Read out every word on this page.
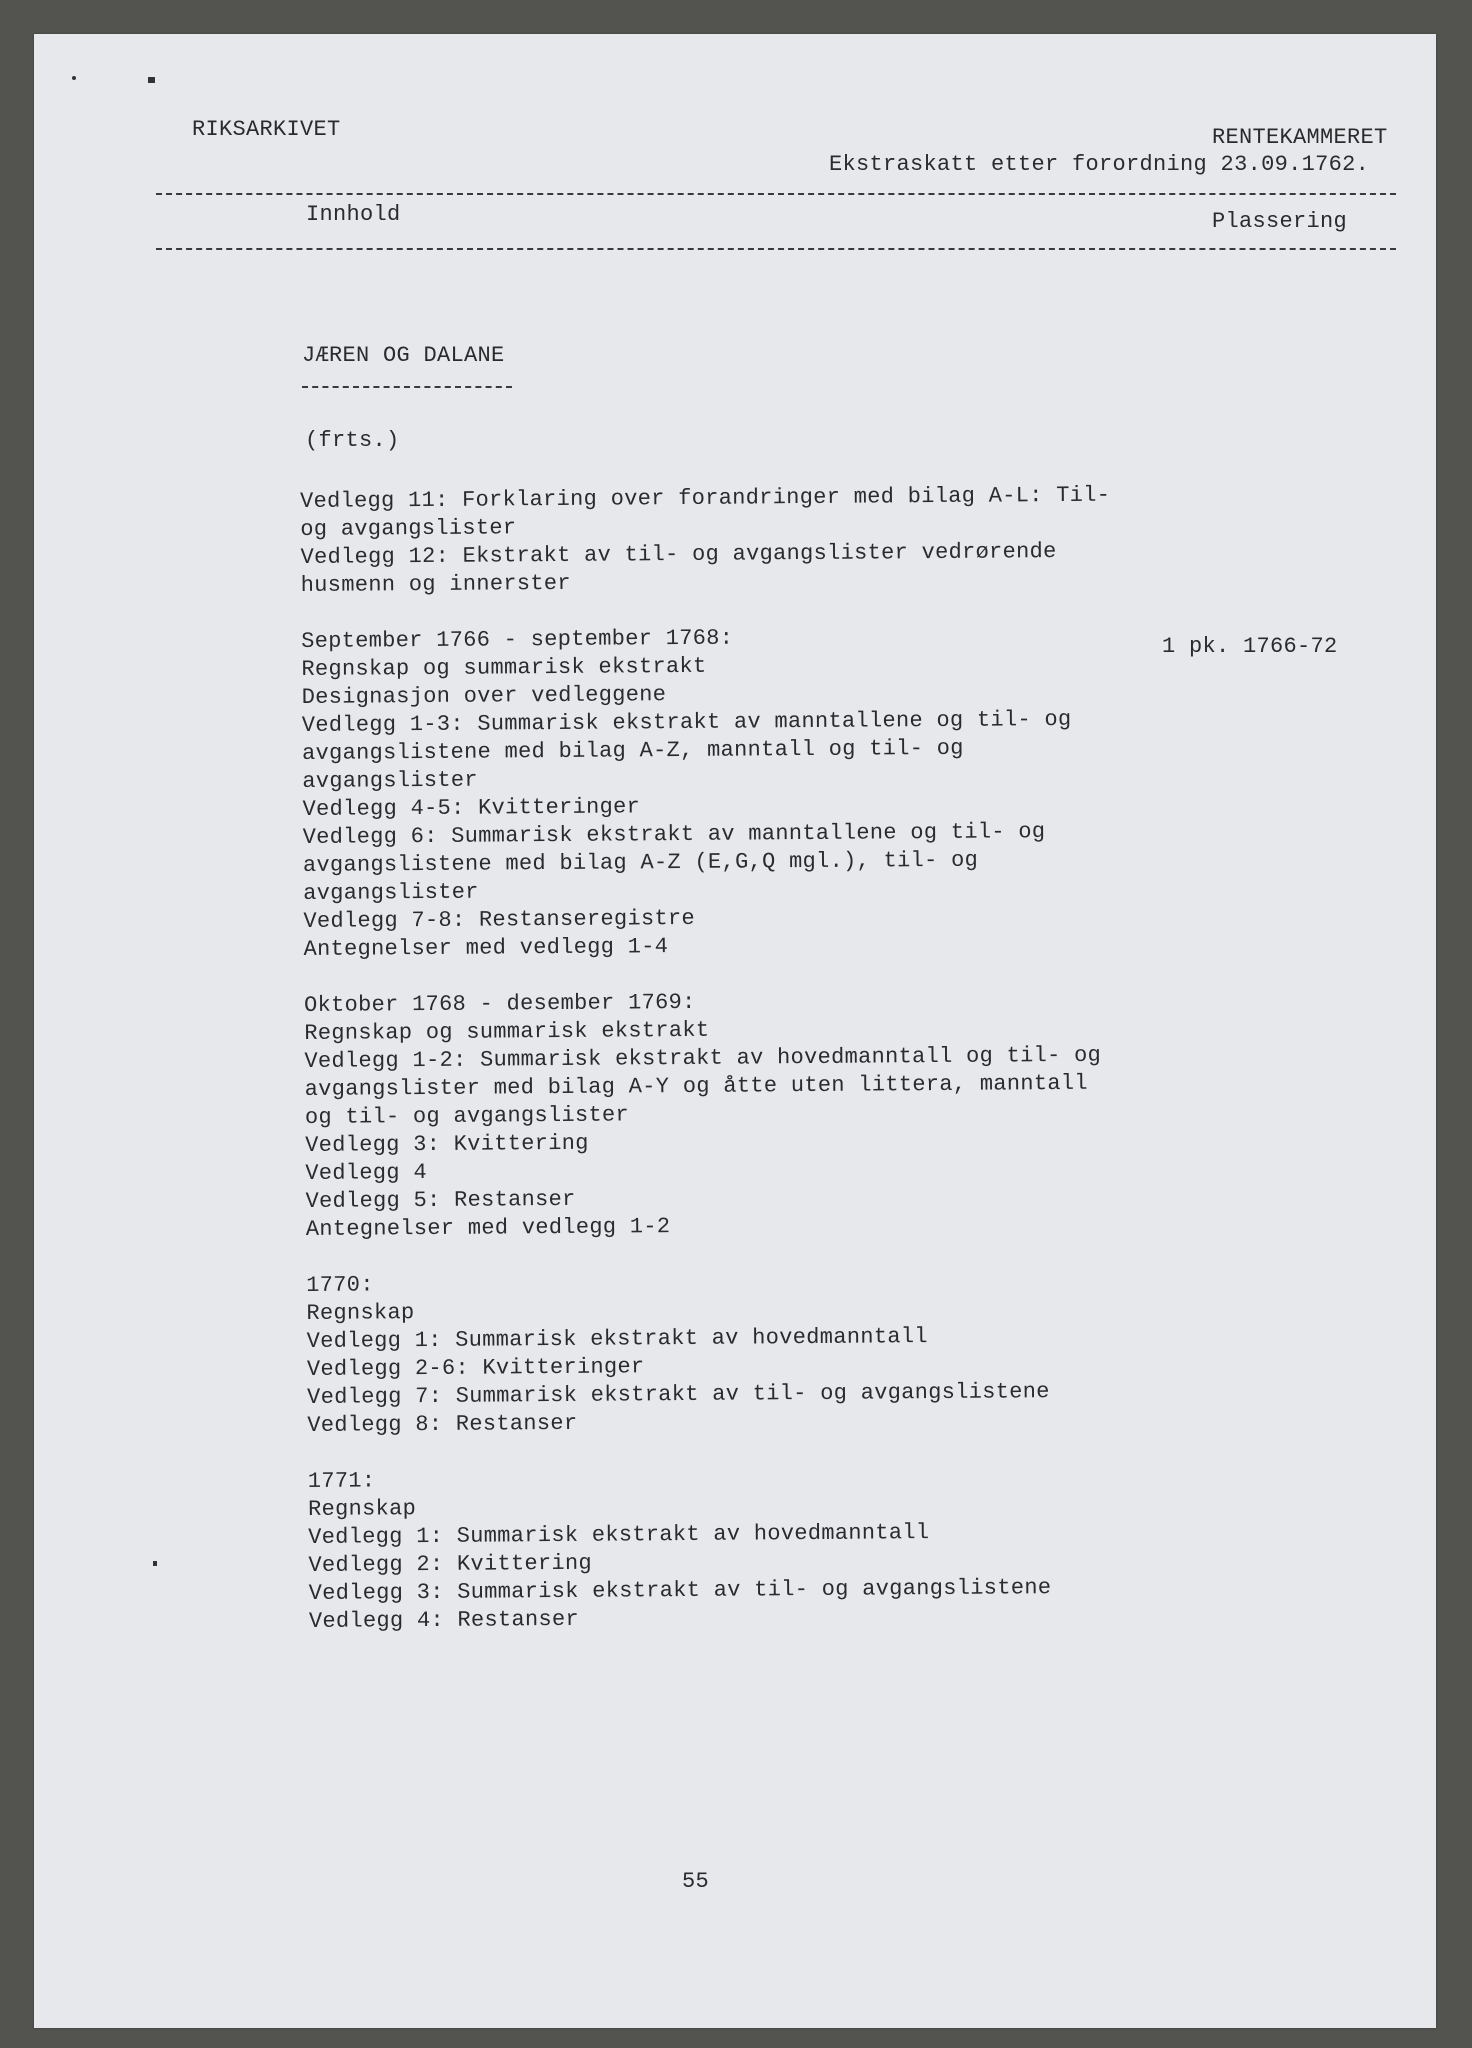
RIKSARKIVET	RENTEKAMMERET
Ekstraskatt etter forordning 23.09.1762.
Innhold	Plassering
JÆREN OG DALANE
(frts.)
Vedlegg 11: Forklaring over forandringer med bilag A-L: Til-
og avgangslister
Vedlegg 12: Ekstrakt av til- og avgangslister vedrørende
husmenn og innerster
September 1766 - september 1768:
Regnskap og summarisk ekstrakt
Designasjon over vedleggene
Vedlegg 1-3: Summarisk ekstrakt av manntallene og til- og
avgangslistene med bilag A-Z, manntall og til- og
avgangslister
Vedlegg 4-5: Kvitteringer
Vedlegg 6: Summarisk ekstrakt av manntallene og til- og
avgangslistene med bilag A-Z (E,G,Q mgl.), til- og
avgangslister
Vedlegg 7-8: Restanseregistre
Antegnelser med vedlegg 1-4
Oktober 1768 - desember 1769:
Regnskap og summarisk ekstrakt
Vedlegg 1-2: Summarisk ekstrakt av hovedmanntall og til- og
avgangslister med bilag A-Y og åtte uten littera, manntall
og til- og avgangslister
Vedlegg 3: Kvittering
Vedlegg 4
Vedlegg 5: Restanser
Antegnelser med vedlegg 1-2
1770:
Regnskap
Vedlegg 1: Summarisk ekstrakt av hovedmanntall
Vedlegg 2-6: Kvitteringer
Vedlegg 7: Summarisk ekstrakt av til- og avgangslistene
Vedlegg 8: Restanser
1771:
Regnskap
Vedlegg 1: Summarisk ekstrakt av hovedmanntall
Vedlegg 2: Kvittering
Vedlegg 3: Summarisk ekstrakt av til- og avgangslistene
Vedlegg 4: Restanser
1 pk. 1766-72
55
